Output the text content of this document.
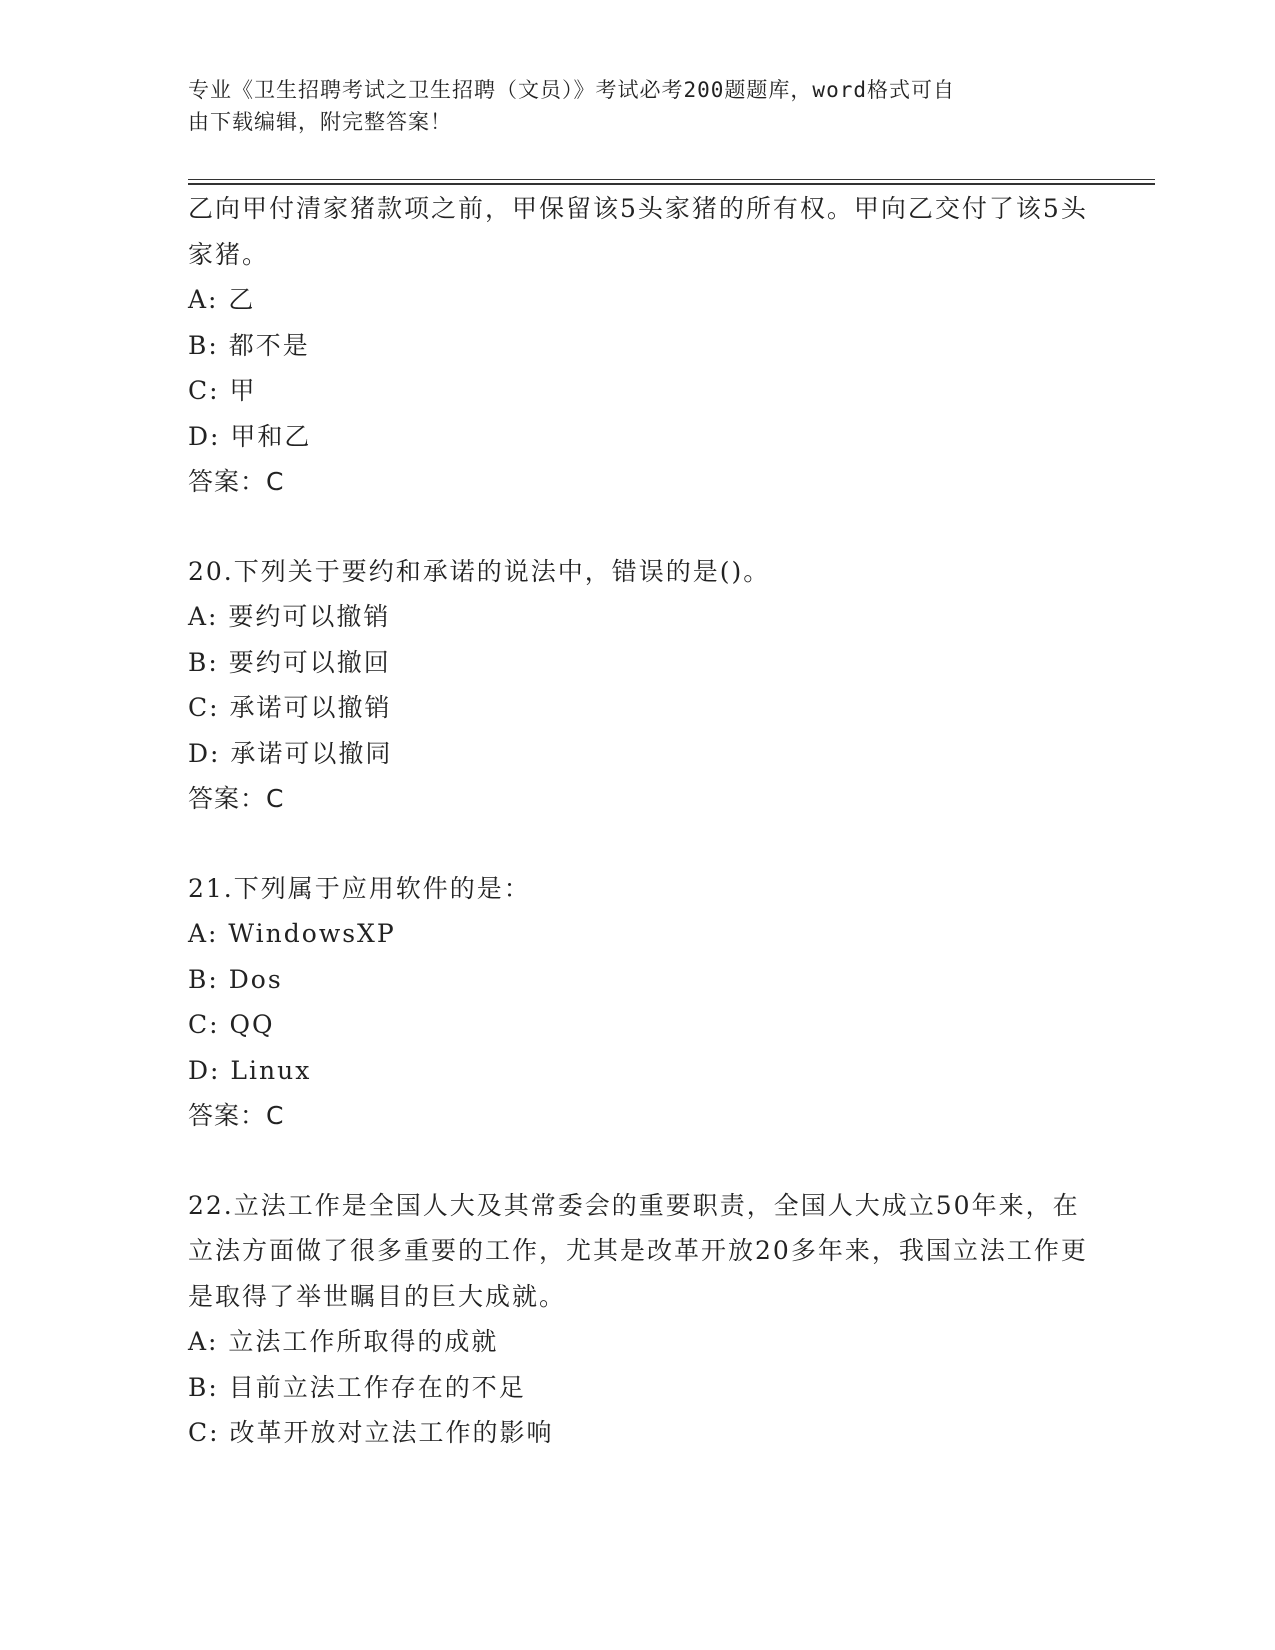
专业《卫生招聘考试之卫生招聘（文员）》考试必考200题题库，word格式可自
由下载编辑，附完整答案！

乙向甲付清家猪款项之前，甲保留该5头家猪的所有权。甲向乙交付了该5头家猪。

A: 乙

B: 都不是

C: 甲

D: 甲和乙

答案：C

20.下列关于要约和承诺的说法中，错误的是()。

A: 要约可以撤销

B: 要约可以撤回

C: 承诺可以撤销

D: 承诺可以撤同

答案：C

21.下列属于应用软件的是：

A: WindowsXP

B: Dos

C: QQ

D: Linux

答案：C

22.立法工作是全国人大及其常委会的重要职责，全国人大成立50年来，在立法方面做了很多重要的工作，尤其是改革开放20多年来，我国立法工作更是取得了举世瞩目的巨大成就。

A: 立法工作所取得的成就

B: 目前立法工作存在的不足

C: 改革开放对立法工作的影响
